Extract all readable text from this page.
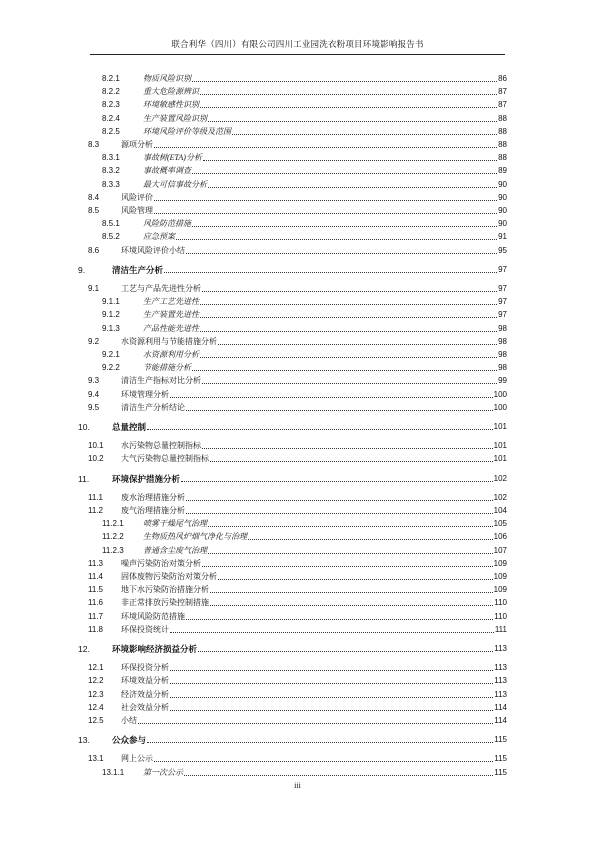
联合利华（四川）有限公司四川工业园洗衣粉项目环境影响报告书
8.2.1	物质风险识别	86
8.2.2	重大危险源辨识	87
8.2.3	环境敏感性识别	87
8.2.4	生产装置风险识别	88
8.2.5	环境风险评价等级及范围	88
8.3	源项分析	88
8.3.1	事故树(ETA)分析	88
8.3.2	事故概率调查	89
8.3.3	最大可信事故分析	90
8.4	风险评价	90
8.5	风险管理	90
8.5.1	风险防范措施	90
8.5.2	应急预案	91
8.6	环境风险评价小结	95
9.	清洁生产分析	97
9.1	工艺与产品先进性分析	97
9.1.1	生产工艺先进性	97
9.1.2	生产装置先进性	97
9.1.3	产品性能先进性	98
9.2	水资源利用与节能措施分析	98
9.2.1	水资源利用分析	98
9.2.2	节能措施分析	98
9.3	清洁生产指标对比分析	99
9.4	环境管理分析	100
9.5	清洁生产分析结论	100
10.	总量控制	101
10.1	水污染物总量控制指标	101
10.2	大气污染物总量控制指标	101
11.	环境保护措施分析	102
11.1	废水治理措施分析	102
11.2	废气治理措施分析	104
11.2.1	喷雾干燥尾气治理	105
11.2.2	生物质热风炉烟气净化与治理	106
11.2.3	普通含尘废气治理	107
11.3	噪声污染防治对策分析	109
11.4	固体废物污染防治对策分析	109
11.5	地下水污染防治措施分析	109
11.6	非正常排放污染控制措施	110
11.7	环境风险防范措施	110
11.8	环保投资统计	111
12.	环境影响经济损益分析	113
12.1	环保投资分析	113
12.2	环境效益分析	113
12.3	经济效益分析	113
12.4	社会效益分析	114
12.5	小结	114
13.	公众参与	115
13.1	网上公示	115
13.1.1	第一次公示	115
iii
